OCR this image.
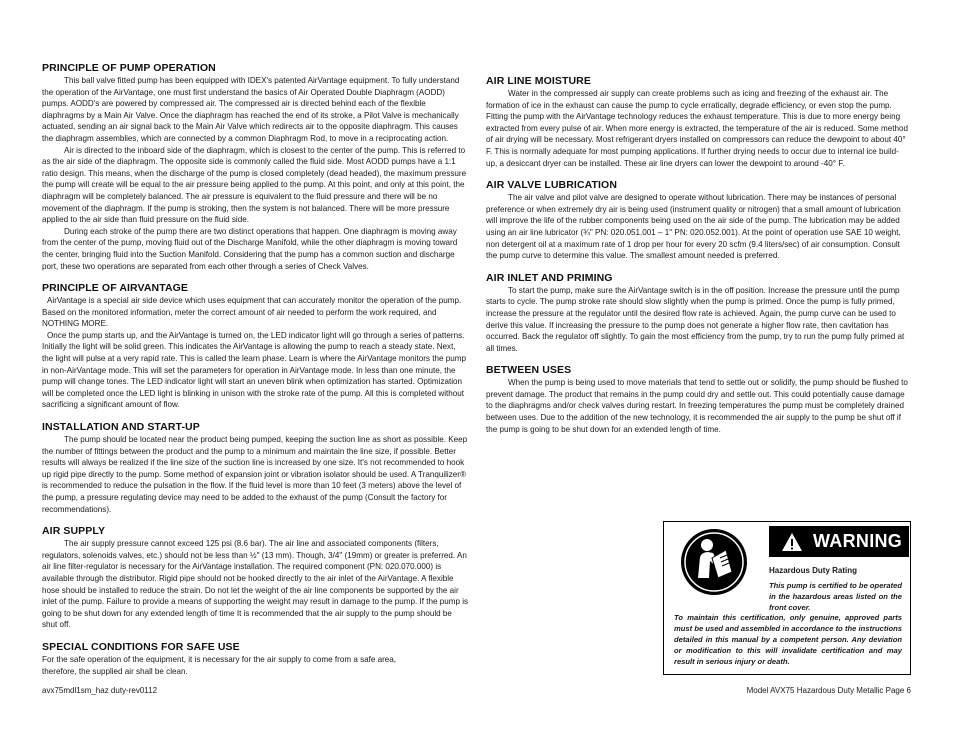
PRINCIPLE OF PUMP OPERATION

This ball valve fitted pump has been equipped with IDEX's patented AirVantage equipment. To fully understand the operation of the AirVantage, one must first understand the basics of Air Operated Double Diaphragm (AODD) pumps. AODD's are powered by compressed air. The compressed air is directed behind each of the flexible diaphragms by a Main Air Valve. Once the diaphragm has reached the end of its stroke, a Pilot Valve is mechanically actuated, sending an air signal back to the Main Air Valve which redirects air to the opposite diaphragm. This causes the diaphragm assemblies, which are connected by a common Diaphragm Rod, to move in a reciprocating action.

Air is directed to the inboard side of the diaphragm, which is closest to the center of the pump. This is referred to as the air side of the diaphragm. The opposite side is commonly called the fluid side. Most AODD pumps have a 1:1 ratio design. This means, when the discharge of the pump is closed completely (dead headed), the maximum pressure the pump will create will be equal to the air pressure being applied to the pump. At this point, and only at this point, the diaphragm will be completely balanced. The air pressure is equivalent to the fluid pressure and there will be no movement of the diaphragm. If the pump is stroking, then the system is not balanced. There will be more pressure applied to the air side than fluid pressure on the fluid side.

During each stroke of the pump there are two distinct operations that happen. One diaphragm is moving away from the center of the pump, moving fluid out of the Discharge Manifold, while the other diaphragm is moving toward the center, bringing fluid into the Suction Manifold. Considering that the pump has a common suction and discharge port, these two operations are separated from each other through a series of Check Valves.

PRINCIPLE OF AIRVANTAGE

AirVantage is a special air side device which uses equipment that can accurately monitor the operation of the pump. Based on the monitored information, meter the correct amount of air needed to perform the work required, and NOTHING MORE.

Once the pump starts up, and the AirVantage is turned on, the LED indicator light will go through a series of patterns. Initially the light will be solid green. This indicates the AirVantage is allowing the pump to reach a steady state. Next, the light will pulse at a very rapid rate. This is called the learn phase. Learn is where the AirVantage monitors the pump in non-AirVantage mode. This will set the parameters for operation in AirVantage mode. In less than one minute, the pump will change tones. The LED indicator light will start an uneven blink when optimization has started. Optimization will be completed once the LED light is blinking in unison with the stroke rate of the pump. All this is completed without sacrificing a significant amount of flow.

INSTALLATION AND START-UP

The pump should be located near the product being pumped, keeping the suction line as short as possible. Keep the number of fittings between the product and the pump to a minimum and maintain the line size, if possible. Better results will always be realized if the line size of the suction line is increased by one size. It's not recommended to hook up rigid pipe directly to the pump. Some method of expansion joint or vibration isolator should be used. A Tranquilizer® is recommended to reduce the pulsation in the flow. If the fluid level is more than 10 feet (3 meters) above the level of the pump, a pressure regulating device may need to be added to the exhaust of the pump (Consult the factory for recommendations).

AIR SUPPLY

The air supply pressure cannot exceed 125 psi (8.6 bar). The air line and associated components (filters, regulators, solenoids valves, etc.) should not be less than ½" (13 mm). Though, 3/4" (19mm) or greater is preferred. An air line filter-regulator is necessary for the AirVantage installation. The required component (PN: 020.070.000) is available through the distributor. Rigid pipe should not be hooked directly to the air inlet of the AirVantage. A flexible hose should be installed to reduce the strain. Do not let the weight of the air line components be supported by the air inlet of the pump. Failure to provide a means of supporting the weight may result in damage to the pump. If the pump is going to be shut down for any extended length of time It is recommended that the air supply to the pump should be shut off.

SPECIAL CONDITIONS FOR SAFE USE

For the safe operation of the equipment, it is necessary for the air supply to come from a safe area, therefore, the supplied air shall be clean.

AIR LINE MOISTURE

Water in the compressed air supply can create problems such as icing and freezing of the exhaust air. The formation of ice in the exhaust can cause the pump to cycle erratically, degrade efficiency, or even stop the pump. Fitting the pump with the AirVantage technology reduces the exhaust temperature. This is due to more energy being extracted from every pulse of air. When more energy is extracted, the temperature of the air is reduced. Some method of air drying will be necessary. Most refrigerant dryers installed on compressors can reduce the dewpoint to about 40° F. This is normally adequate for most pumping applications. If further drying needs to occur due to internal ice build-up, a desiccant dryer can be installed. These air line dryers can lower the dewpoint to around -40° F.

AIR VALVE LUBRICATION

The air valve and pilot valve are designed to operate without lubrication. There may be instances of personal preference or when extremely dry air is being used (instrument quality or nitrogen) that a small amount of lubrication will improve the life of the rubber components being used on the air side of the pump. The lubrication may be added using an air line lubricator (¾" PN: 020.051.001 – 1" PN: 020.052.001). At the point of operation use SAE 10 weight, non detergent oil at a maximum rate of 1 drop per hour for every 20 scfm (9.4 liters/sec) of air consumption. Consult the pump curve to determine this value. The smallest amount needed is preferred.

AIR INLET AND PRIMING

To start the pump, make sure the AirVantage switch is in the off position. Increase the pressure until the pump starts to cycle. The pump stroke rate should slow slightly when the pump is primed. Once the pump is fully primed, increase the pressure at the regulator until the desired flow rate is achieved. Again, the pump curve can be used to derive this value. If increasing the pressure to the pump does not generate a higher flow rate, then cavitation has occurred. Back the regulator off slightly. To gain the most efficiency from the pump, try to run the pump fully primed at all times.

BETWEEN USES

When the pump is being used to move materials that tend to settle out or solidify, the pump should be flushed to prevent damage. The product that remains in the pump could dry and settle out. This could potentially cause damage to the diaphragms and/or check valves during restart. In freezing temperatures the pump must be completely drained between uses. Due to the addition of the new technology, it is recommended the air supply to the pump be shut off if the pump is going to be shut down for an extended length of time.

WARNING
Hazardous Duty Rating
This pump is certified to be operated in the hazardous areas listed on the front cover.
To maintain this certification, only genuine, approved parts must be used and assembled in accordance to the instructions detailed in this manual by a competent person. Any deviation or modification to this will invalidate certification and may result in serious injury or death.
avx75mdl1sm_haz duty-rev0112	Model AVX75 Hazardous Duty Metallic Page 6
